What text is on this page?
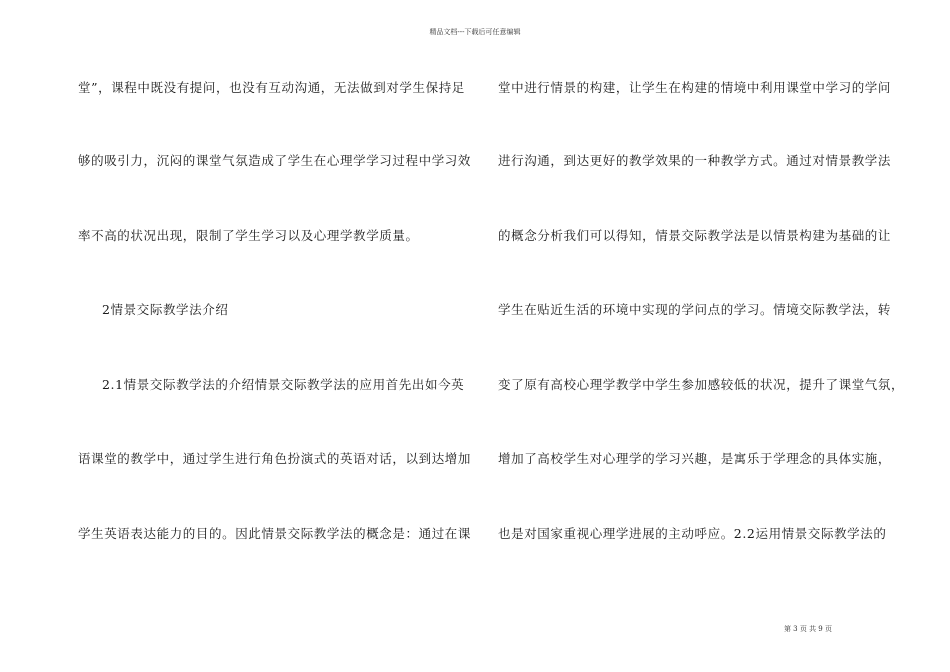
精品文档---下载后可任意编辑
堂”，课程中既没有提问，也没有互动沟通，无法做到对学生保持足
够的吸引力，沉闷的课堂气氛造成了学生在心理学学习过程中学习效
率不高的状况出现，限制了学生学习以及心理学教学质量。
2情景交际教学法介绍
2.1情景交际教学法的介绍情景交际教学法的应用首先出如今英
语课堂的教学中，通过学生进行角色扮演式的英语对话，以到达增加
学生英语表达能力的目的。因此情景交际教学法的概念是：通过在课
堂中进行情景的构建，让学生在构建的情境中利用课堂中学习的学问
进行沟通，到达更好的教学效果的一种教学方式。通过对情景教学法
的概念分析我们可以得知，情景交际教学法是以情景构建为基础的让
学生在贴近生活的环境中实现的学问点的学习。情境交际教学法，转
变了原有高校心理学教学中学生参加感较低的状况，提升了课堂气氛，
增加了高校学生对心理学的学习兴趣，是寓乐于学理念的具体实施，
也是对国家重视心理学进展的主动呼应。2.2运用情景交际教学法的
第 3 页 共 9 页
